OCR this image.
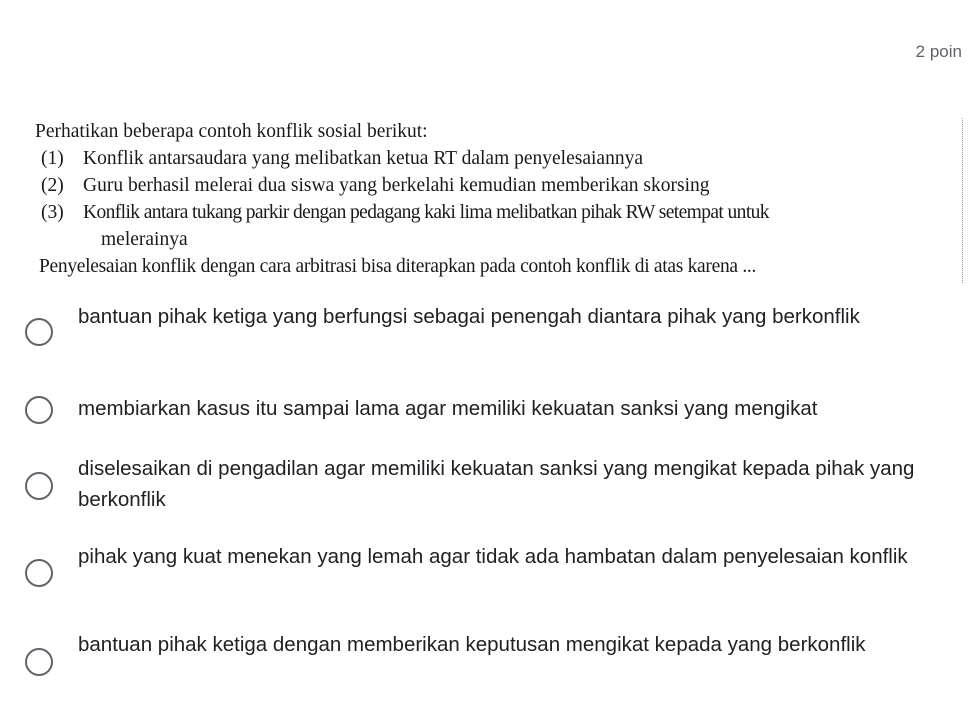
2 poin
Perhatikan beberapa contoh konflik sosial berikut:
(1) Konflik antarsaudara yang melibatkan ketua RT dalam penyelesaiannya
(2) Guru berhasil melerai dua siswa yang berkelahi kemudian memberikan skorsing
(3) Konflik antara tukang parkir dengan pedagang kaki lima melibatkan pihak RW setempat untuk
melerainya
Penyelesaian konflik dengan cara arbitrasi bisa diterapkan pada contoh konflik di atas karena ...
bantuan pihak ketiga yang berfungsi sebagai penengah diantara pihak yang berkonflik
membiarkan kasus itu sampai lama agar memiliki kekuatan sanksi yang mengikat
diselesaikan di pengadilan agar memiliki kekuatan sanksi yang mengikat kepada pihak yang berkonflik
pihak yang kuat menekan yang lemah agar tidak ada hambatan dalam penyelesaian konflik
bantuan pihak ketiga dengan memberikan keputusan mengikat kepada yang berkonflik
